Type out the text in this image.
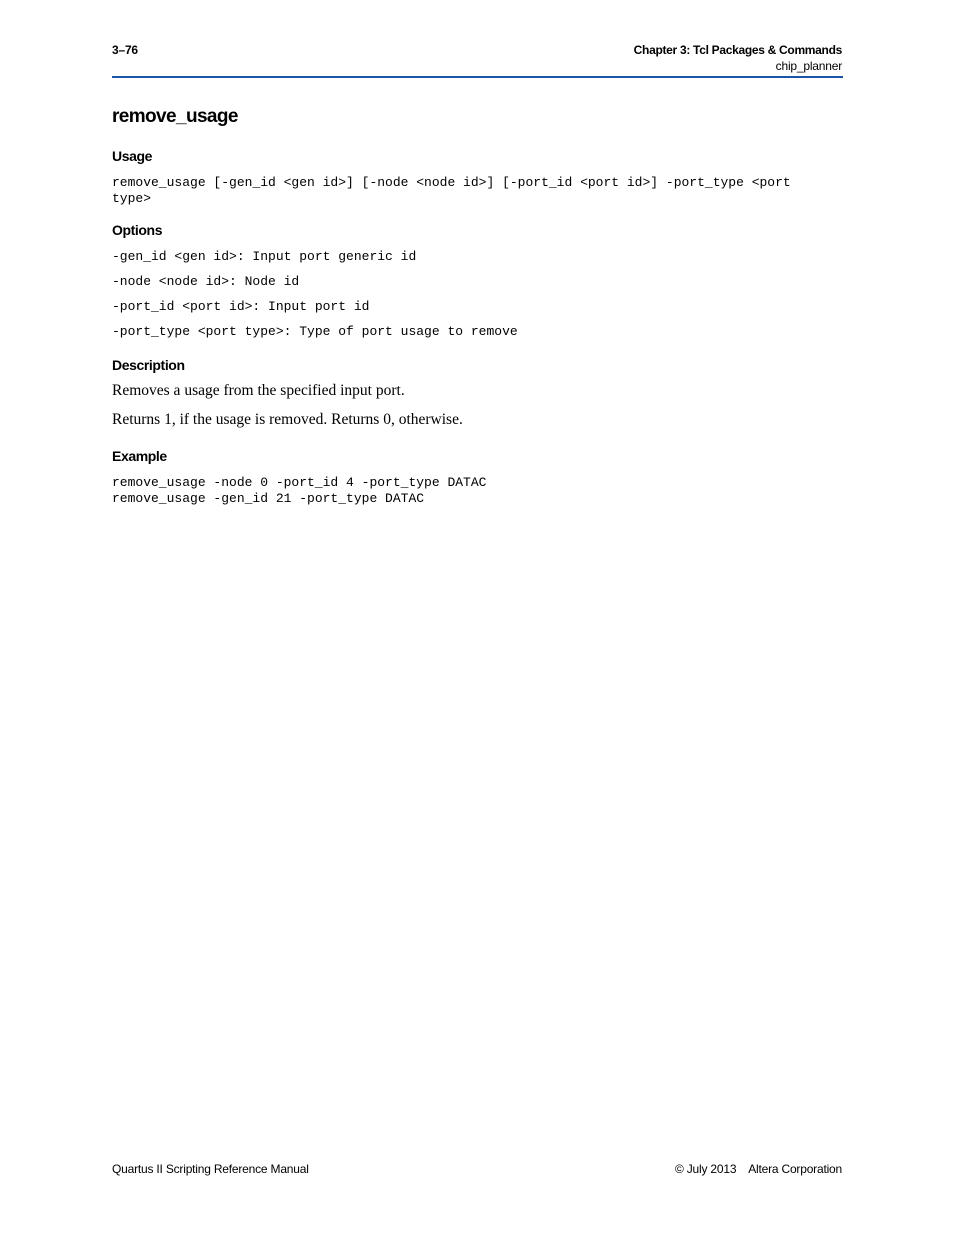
3–76	Chapter 3: Tcl Packages & Commands
chip_planner
remove_usage
Usage
remove_usage [-gen_id <gen id>] [-node <node id>] [-port_id <port id>] -port_type <port
type>
Options
-gen_id <gen id>: Input port generic id
-node <node id>: Node id
-port_id <port id>: Input port id
-port_type <port type>: Type of port usage to remove
Description

Removes a usage from the specified input port.

Returns 1, if the usage is removed. Returns 0, otherwise.

Example
remove_usage -node 0 -port_id 4 -port_type DATAC
remove_usage -gen_id 21 -port_type DATAC
Quartus II Scripting Reference Manual	© July 2013    Altera Corporation
